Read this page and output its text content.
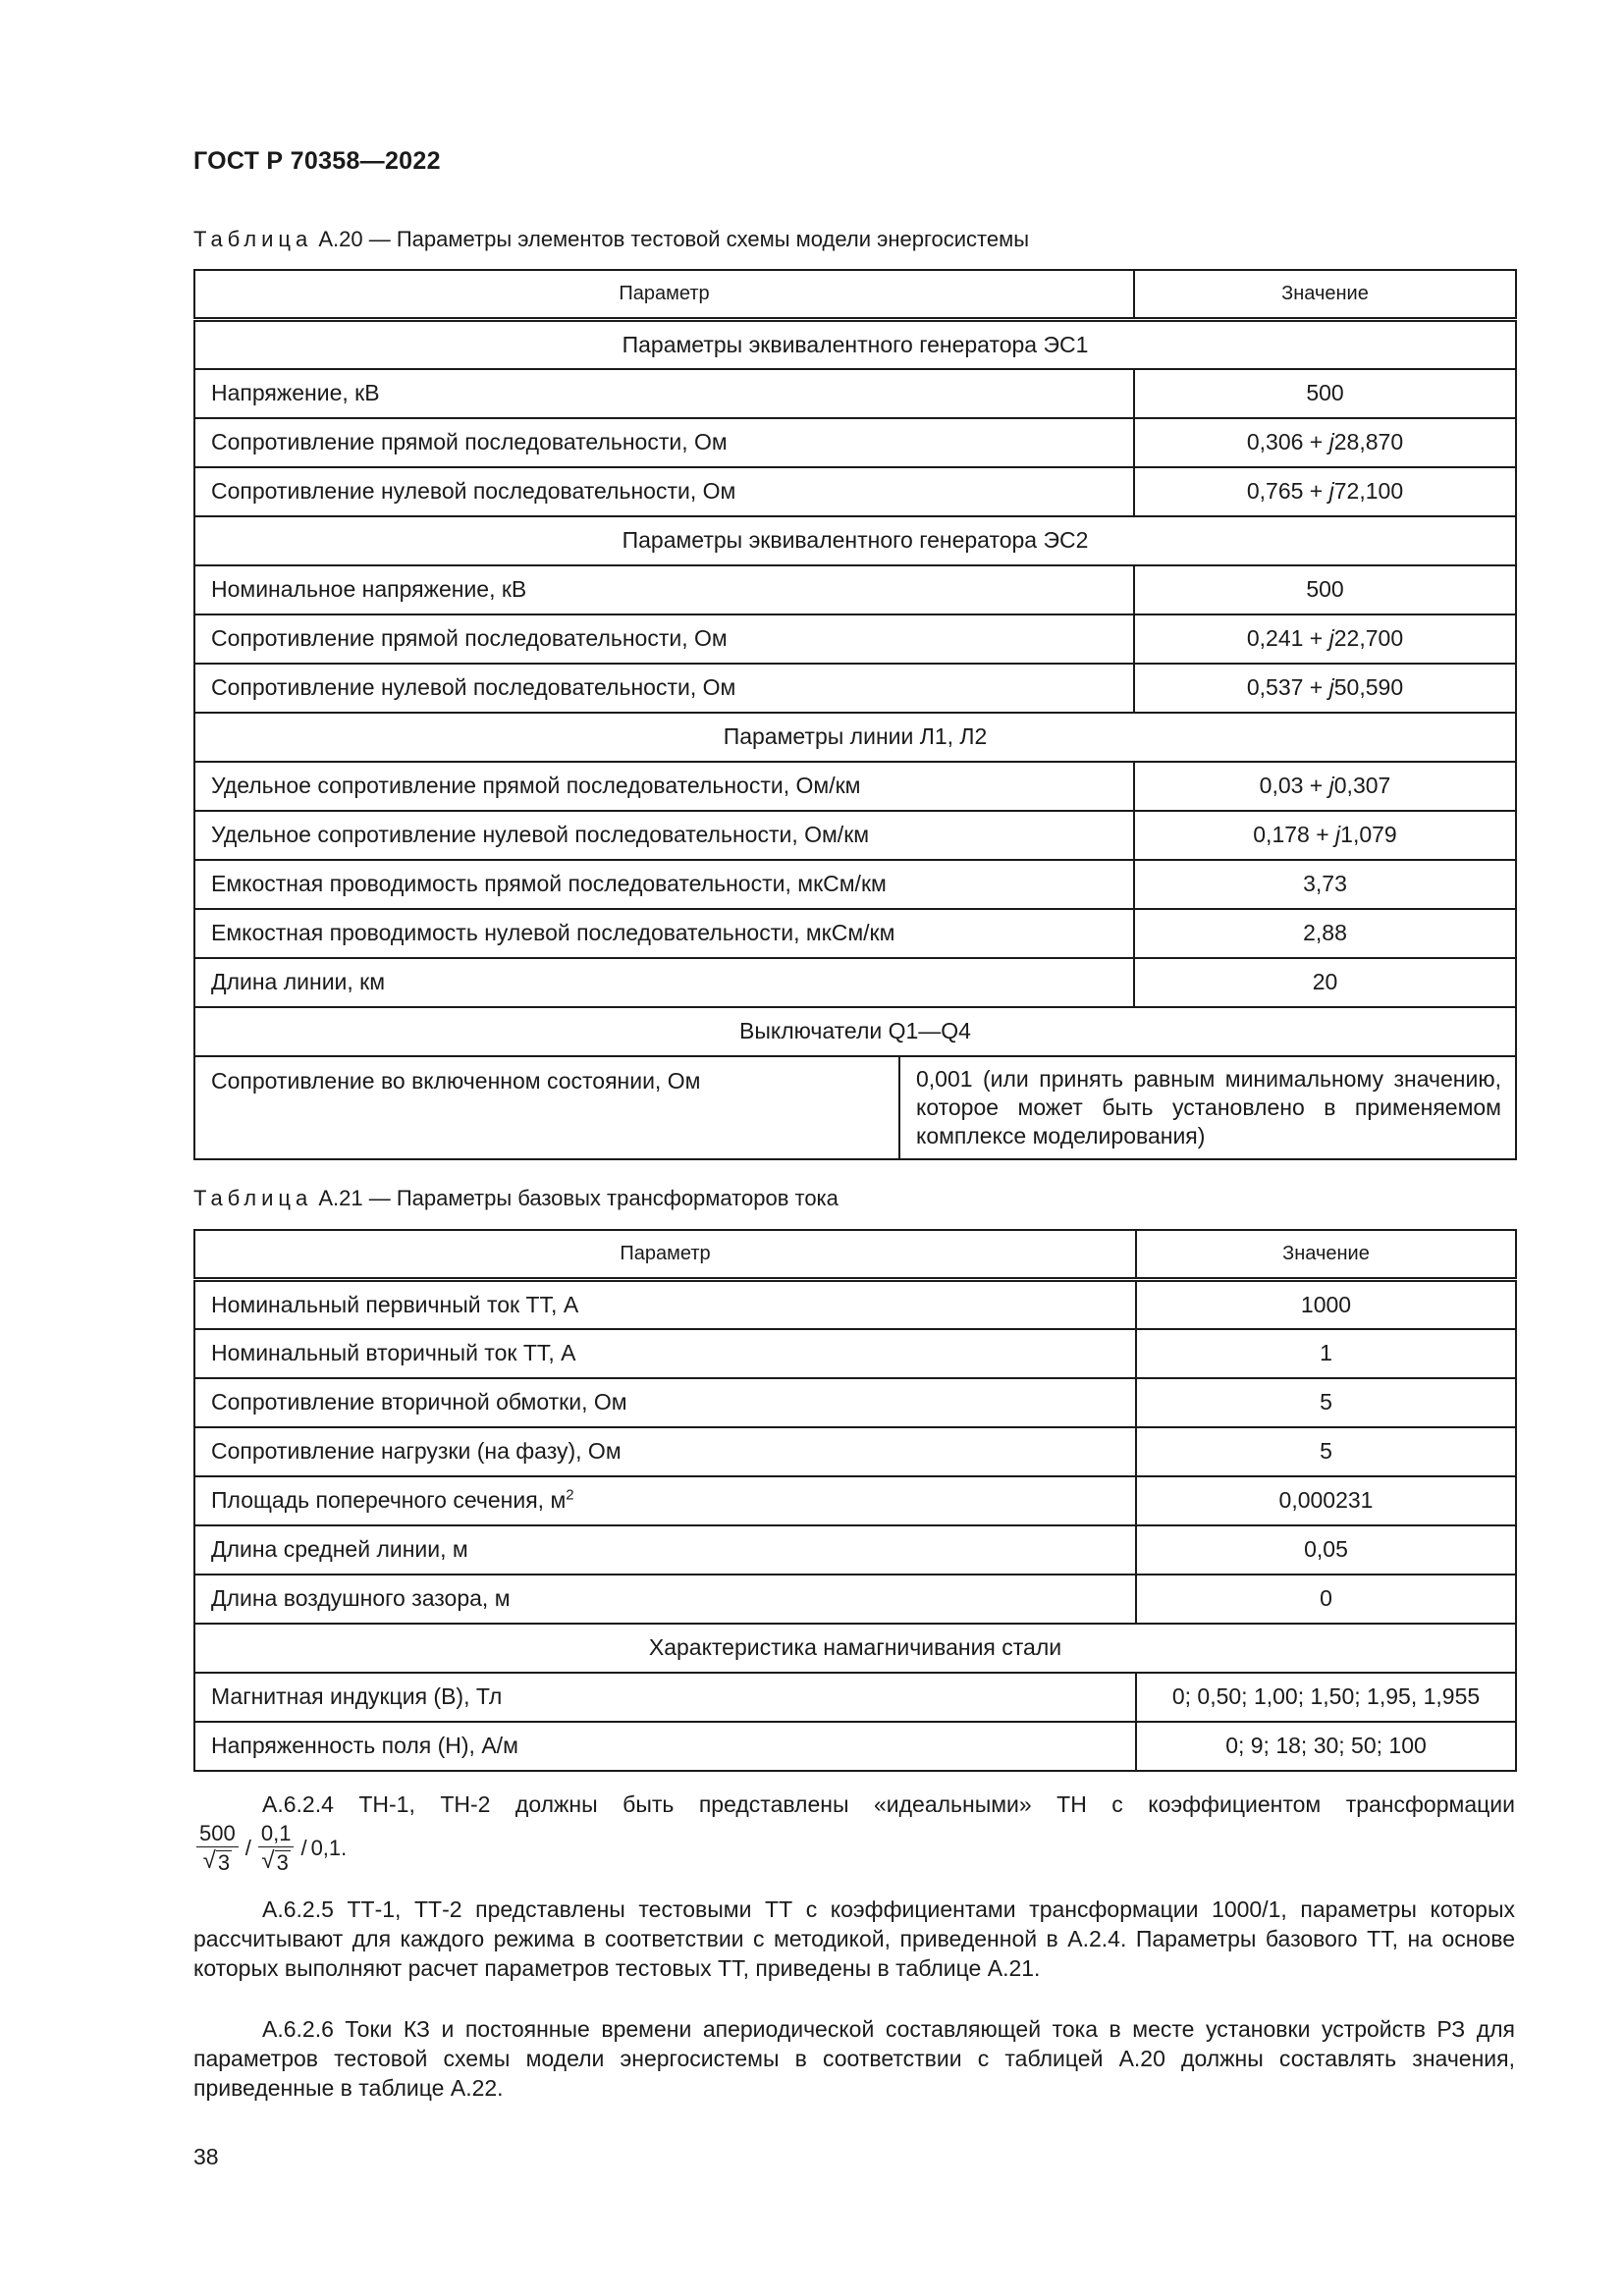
ГОСТ Р 70358—2022
Таблица А.20 — Параметры элементов тестовой схемы модели энергосистемы
Параметр	Значение
Параметры эквивалентного генератора ЭС1
Напряжение, кВ	500
Сопротивление прямой последовательности, Ом	0,306 + j28,870
Сопротивление нулевой последовательности, Ом	0,765 + j72,100
Параметры эквивалентного генератора ЭС2
Номинальное напряжение, кВ	500
Сопротивление прямой последовательности, Ом	0,241 + j22,700
Сопротивление нулевой последовательности, Ом	0,537 + j50,590
Параметры линии Л1, Л2
Удельное сопротивление прямой последовательности, Ом/км	0,03 + j0,307
Удельное сопротивление нулевой последовательности, Ом/км	0,178 + j1,079
Емкостная проводимость прямой последовательности, мкСм/км	3,73
Емкостная проводимость нулевой последовательности, мкСм/км	2,88
Длина линии, км	20
Выключатели Q1—Q4

Сопротивление во включенном состоянии, Ом	0,001 (или принять равным минимальному значению, которое может быть установлено в применяемом комплексе моделирования)
Таблица А.21 — Параметры базовых трансформаторов тока
Параметр	Значение
Номинальный первичный ток ТТ, А	1000
Номинальный вторичный ток ТТ, А	1
Сопротивление вторичной обмотки, Ом	5
Сопротивление нагрузки (на фазу), Ом	5
Площадь поперечного сечения, $м^2$	0,000231
Длина средней линии, м	0,05
Длина воздушного зазора, м	0
Характеристика намагничивания стали	
Магнитная индукция (В), Тл	0; 0,50; 1,00; 1,50; 1,95, 1,955
Напряженность поля (Н), А/м	0; 9; 18; 30; 50; 100
А.6.2.4 ТН-1, ТН-2 должны быть представлены «идеальными» ТН с коэффициентом трансформации
$\frac{500}{√ 3} / \frac{0,1}{√ 3} / 0,1$ .
А.6.2.5 ТТ-1, ТТ-2 представлены тестовыми ТТ с коэффициентами трансформации 1000/1, параметры которых рассчитывают для каждого режима в соответствии с методикой, приведенной в А.2.4. Параметры базового ТТ, на основе которых выполняют расчет параметров тестовых ТТ, приведены в таблице А.21.
А.6.2.6 Токи КЗ и постоянные времени апериодической составляющей тока в месте установки устройств РЗ для параметров тестовой схемы модели энергосистемы в соответствии с таблицей А.20 должны составлять значения, приведенные в таблице А.22.
38
